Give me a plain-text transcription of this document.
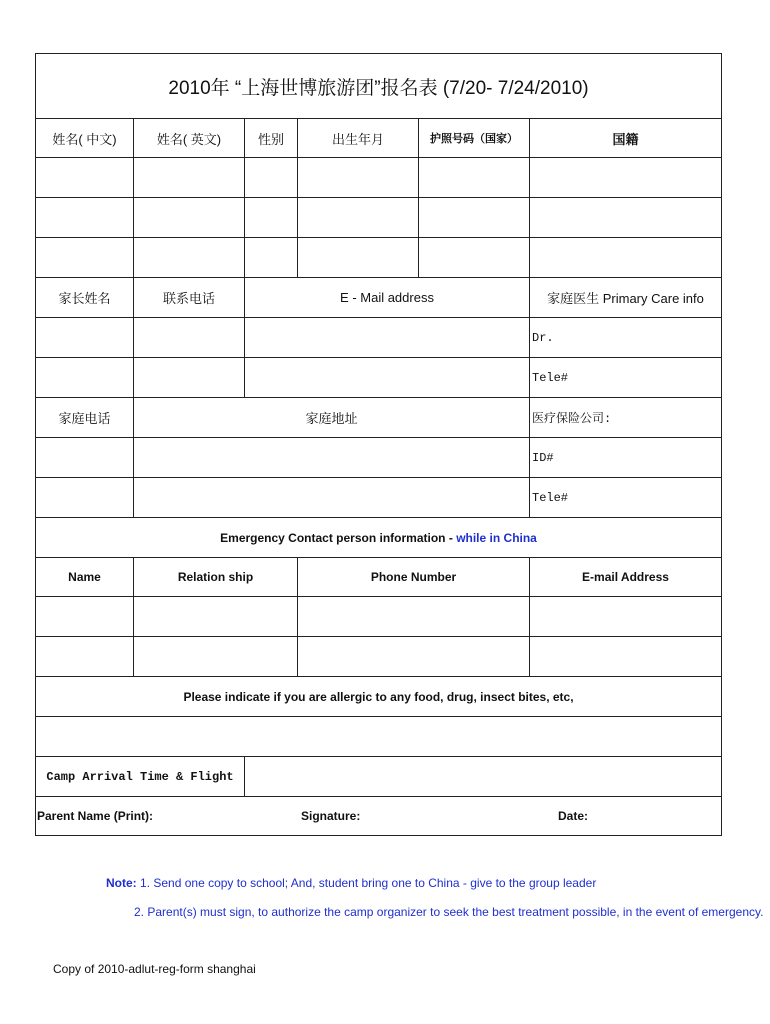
2010年 “上海世博旅游团”报名表 (7/20- 7/24/2010)					
姓名( 中文)	姓名( 英文)	性别	出生年月	护照号码（国家）	国籍

家长姓名	联系电话	E - Mail address			家庭医生 Primary Care info
					Dr.
					Tele#
家庭电话	家庭地址				医疗保险公司:
					ID#
					Tele#
Emergency Contact person information - while in China					
Name	Relation ship		Phone Number		E-mail Address

Please indicate if you are allergic to any food, drug, insect bites, etc,					

Camp Arrival Time & Flight					

Parent Name (Print): Signature: Date:					
Note: 1. Send one copy to school; And, student bring one to China - give to the group leader
2. Parent(s) must sign, to authorize the camp organizer to seek the best treatment possible, in the event of emergency.
Copy of 2010-adlut-reg-form shanghai
